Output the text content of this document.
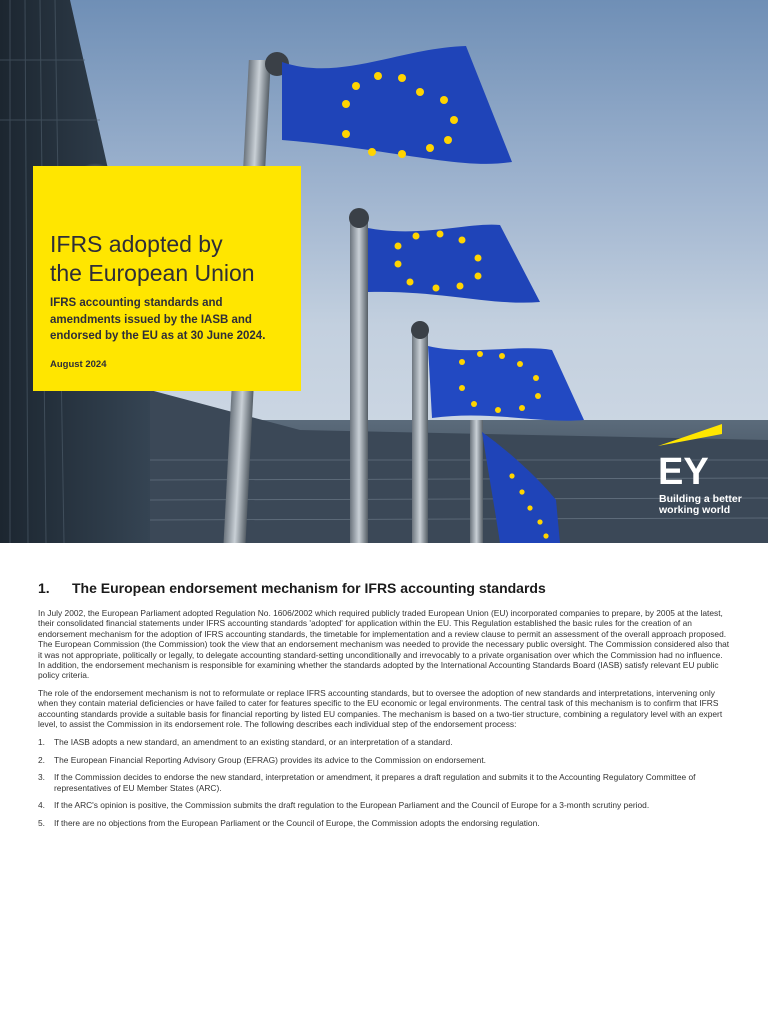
IFRS adopted by
the European Union
IFRS accounting standards and amendments issued by the IASB and endorsed by the EU as at 30 June 2024.
August 2024
EY
Building a better
working world
1.	The European endorsement mechanism for IFRS accounting standards

In July 2002, the European Parliament adopted Regulation No. 1606/2002 which required publicly traded European Union (EU) incorporated companies to prepare, by 2005 at the latest, their consolidated financial statements under IFRS accounting standards 'adopted' for application within the EU. This Regulation established the basic rules for the creation of an endorsement mechanism for the adoption of IFRS accounting standards, the timetable for implementation and a review clause to permit an assessment of the overall approach proposed. The European Commission (the Commission) took the view that an endorsement mechanism was needed to provide the necessary public oversight. The Commission considered also that it was not appropriate, politically or legally, to delegate accounting standard-setting unconditionally and irrevocably to a private organisation over which the Commission had no influence. In addition, the endorsement mechanism is responsible for examining whether the standards adopted by the International Accounting Standards Board (IASB) satisfy relevant EU public policy criteria.

The role of the endorsement mechanism is not to reformulate or replace IFRS accounting standards, but to oversee the adoption of new standards and interpretations, intervening only when they contain material deficiencies or have failed to cater for features specific to the EU economic or legal environments. The central task of this mechanism is to confirm that IFRS accounting standards provide a suitable basis for financial reporting by listed EU companies. The mechanism is based on a two-tier structure, combining a regulatory level with an expert level, to assist the Commission in its endorsement role. The following describes each individual step of the endorsement process:

1.	The IASB adopts a new standard, an amendment to an existing standard, or an interpretation of a standard.
2.	The European Financial Reporting Advisory Group (EFRAG) provides its advice to the Commission on endorsement.
3.	If the Commission decides to endorse the new standard, interpretation or amendment, it prepares a draft regulation and submits it to the Accounting Regulatory Committee of representatives of EU Member States (ARC).
4.	If the ARC's opinion is positive, the Commission submits the draft regulation to the European Parliament and the Council of Europe for a 3-month scrutiny period.
5.	If there are no objections from the European Parliament or the Council of Europe, the Commission adopts the endorsing regulation.
